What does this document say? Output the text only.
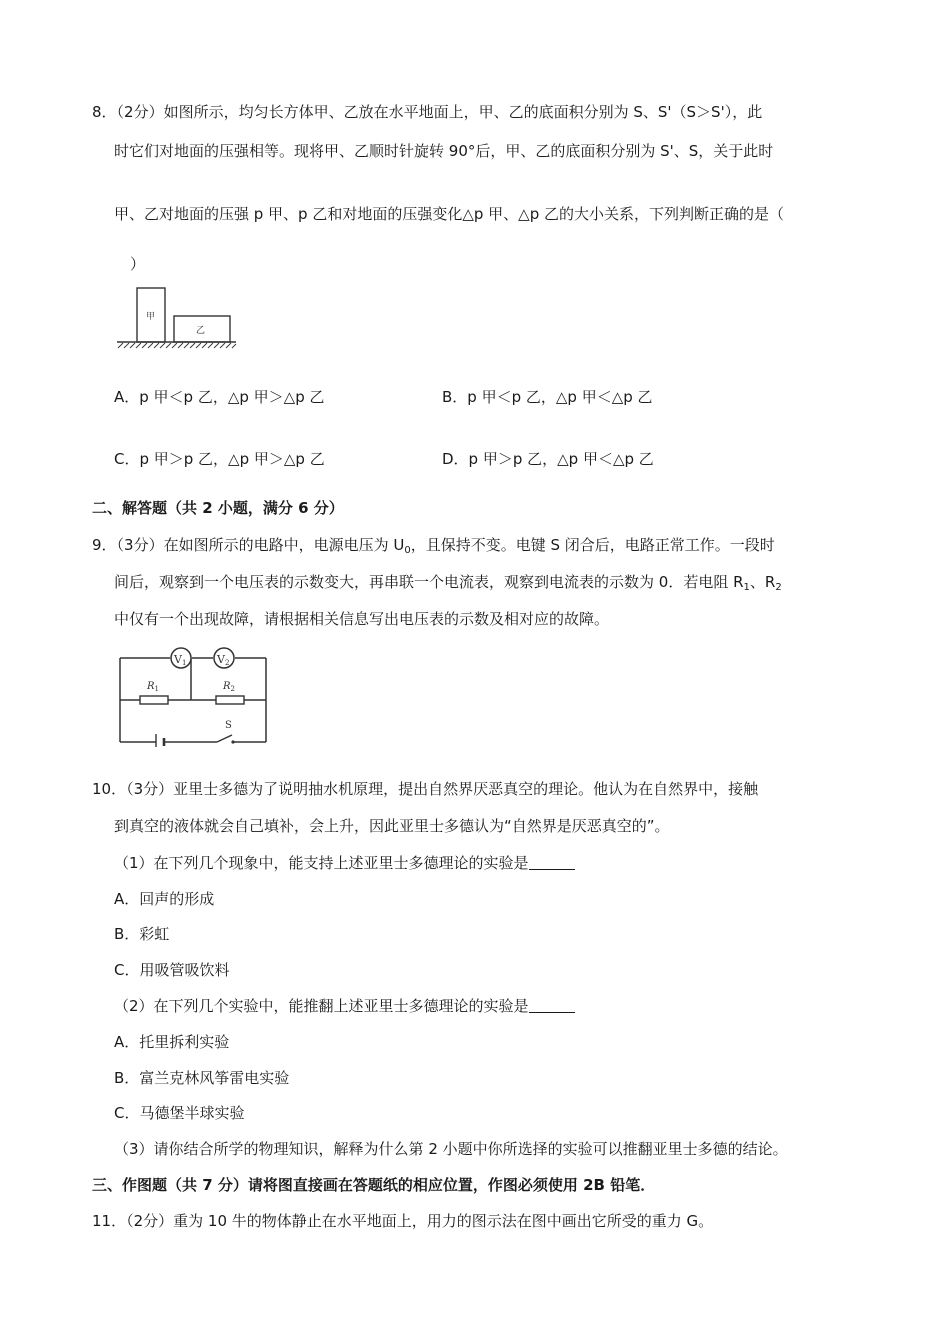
8．（2分）如图所示，均匀长方体甲、乙放在水平地面上，甲、乙的底面积分别为 S、S'（S＞S'），此
时它们对地面的压强相等。现将甲、乙顺时针旋转 90°后，甲、乙的底面积分别为 S'、S，关于此时
甲、乙对地面的压强 p 甲、p 乙和对地面的压强变化△p 甲、△p 乙的大小关系，下列判断正确的是（
）
甲
乙
A．p 甲＜p 乙，△p 甲＞△p 乙	B．p 甲＜p 乙，△p 甲＜△p 乙
C．p 甲＞p 乙，△p 甲＞△p 乙	D．p 甲＞p 乙，△p 甲＜△p 乙
二、解答题（共 2 小题，满分 6 分）
9．（3分）在如图所示的电路中，电源电压为 $U_0$，且保持不变。电键 S 闭合后，电路正常工作。一段时
间后，观察到一个电压表的示数变大，再串联一个电流表，观察到电流表的示数为 0．若电阻 $R_1$、$R_2$
中仅有一个出现故障，请根据相关信息写出电压表的示数及相对应的故障。
V1	V2
$R_1$	$R_2$
S
10．（3分）亚里士多德为了说明抽水机原理，提出自然界厌恶真空的理论。他认为在自然界中，接触
到真空的液体就会自己填补，会上升，因此亚里士多德认为“自然界是厌恶真空的”。
（1）在下列几个现象中，能支持上述亚里士多德理论的实验是
A．回声的形成
B．彩虹
C．用吸管吸饮料
（2）在下列几个实验中，能推翻上述亚里士多德理论的实验是
A．托里拆利实验
B．富兰克林风筝雷电实验
C．马德堡半球实验
（3）请你结合所学的物理知识，解释为什么第 2 小题中你所选择的实验可以推翻亚里士多德的结论。
三、作图题（共 7 分）请将图直接画在答题纸的相应位置，作图必须使用 2B 铅笔．
11．（2分）重为 10 牛的物体静止在水平地面上，用力的图示法在图中画出它所受的重力 G。
